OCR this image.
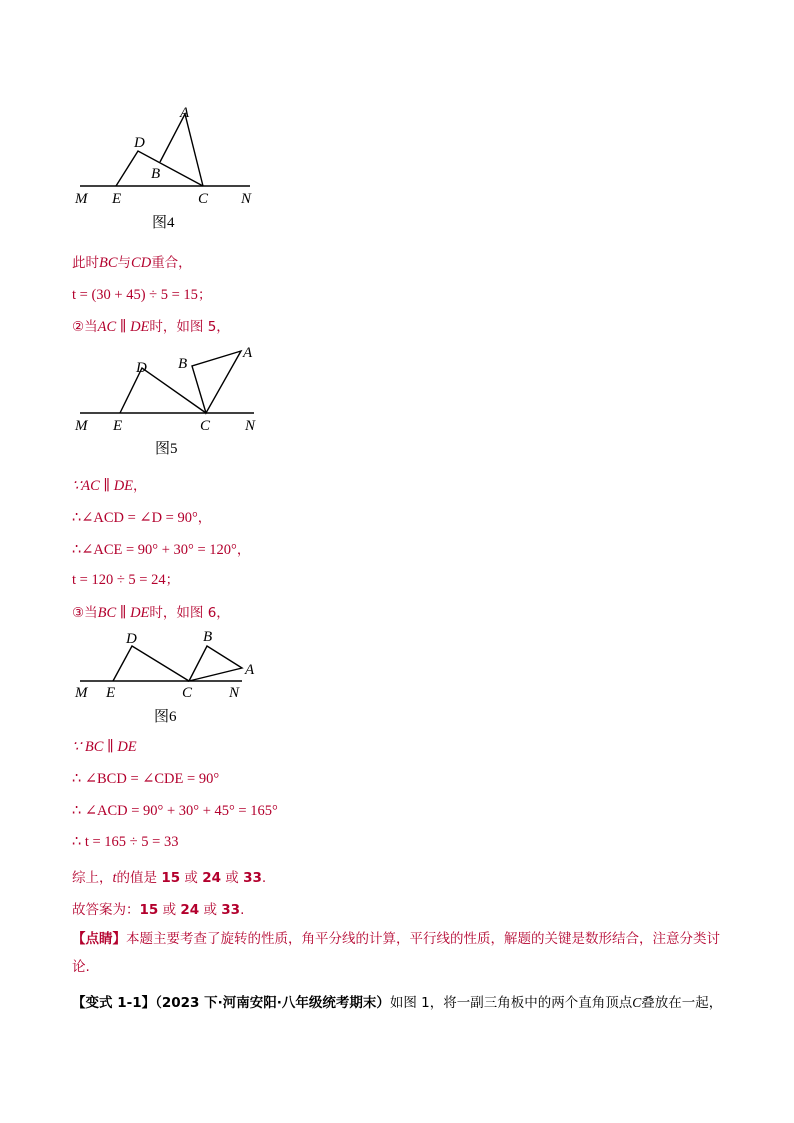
A
D
B
M E	C N
图4
此时BC与CD重合，
t = (30 + 45) ÷ 5 = 15；
②当AC ∥ DE时，如图 5，
A
B
D
M E	C N
图5
∵AC ∥ DE，
∴∠ACD = ∠D = 90°，
∴∠ACE = 90° + 30° = 120°，
t = 120 ÷ 5 = 24；
③当BC ∥ DE时，如图 6，
D	B
A
M E	C N
图6
∵ BC ∥ DE
∴ ∠BCD = ∠CDE = 90°
∴ ∠ACD = 90° + 30° + 45° = 165°
∴ t = 165 ÷ 5 = 33
综上，t的值是 15 或 24 或 33.
故答案为：15 或 24 或 33.
【点睛】本题主要考查了旋转的性质，角平分线的计算，平行线的性质，解题的关键是数形结合，注意分类讨论.
【变式 1-1】（2023 下·河南安阳·八年级统考期末）如图 1，将一副三角板中的两个直角顶点C叠放在一起，
